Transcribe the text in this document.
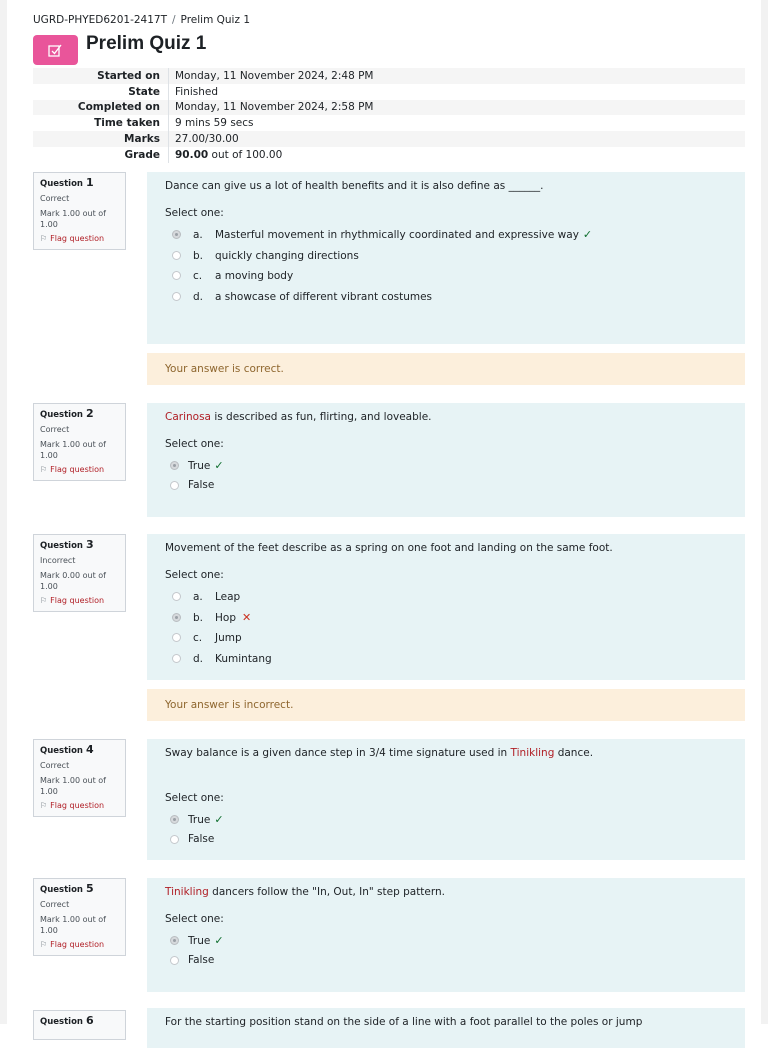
UGRD-PHYED6201-2417T / Prelim Quiz 1
Prelim Quiz 1
Started on	Monday, 11 November 2024, 2:48 PM
State	Finished
Completed on	Monday, 11 November 2024, 2:58 PM
Time taken	9 mins 59 secs
Marks	27.00/30.00
Grade	90.00 out of 100.00
Question 1
Correct
Mark 1.00 out of 1.00
⚐ Flag question

Dance can give us a lot of health benefits and it is also define as ______.

Select one:

a. Masterful movement in rhythmically coordinated and expressive way ✓
b. quickly changing directions
c. a moving body
d. a showcase of different vibrant costumes
Your answer is correct.
Question 2
Correct
Mark 1.00 out of 1.00
⚐ Flag question

Carinosa is described as fun, flirting, and loveable.

Select one:

True ✓
False
Question 3
Incorrect
Mark 0.00 out of 1.00
⚐ Flag question

Movement of the feet describe as a spring on one foot and landing on the same foot.

Select one:

a. Leap
b. Hop ✕
c. Jump
d. Kumintang
Your answer is incorrect.
Question 4
Correct
Mark 1.00 out of 1.00
⚐ Flag question

Sway balance is a given dance step in 3/4 time signature used in Tinikling dance.

Select one:

True ✓
False
Question 5
Correct
Mark 1.00 out of 1.00
⚐ Flag question

Tinikling dancers follow the "In, Out, In" step pattern.

Select one:

True ✓
False
Question 6	For the starting position stand on the side of a line with a foot parallel to the poles or jump
